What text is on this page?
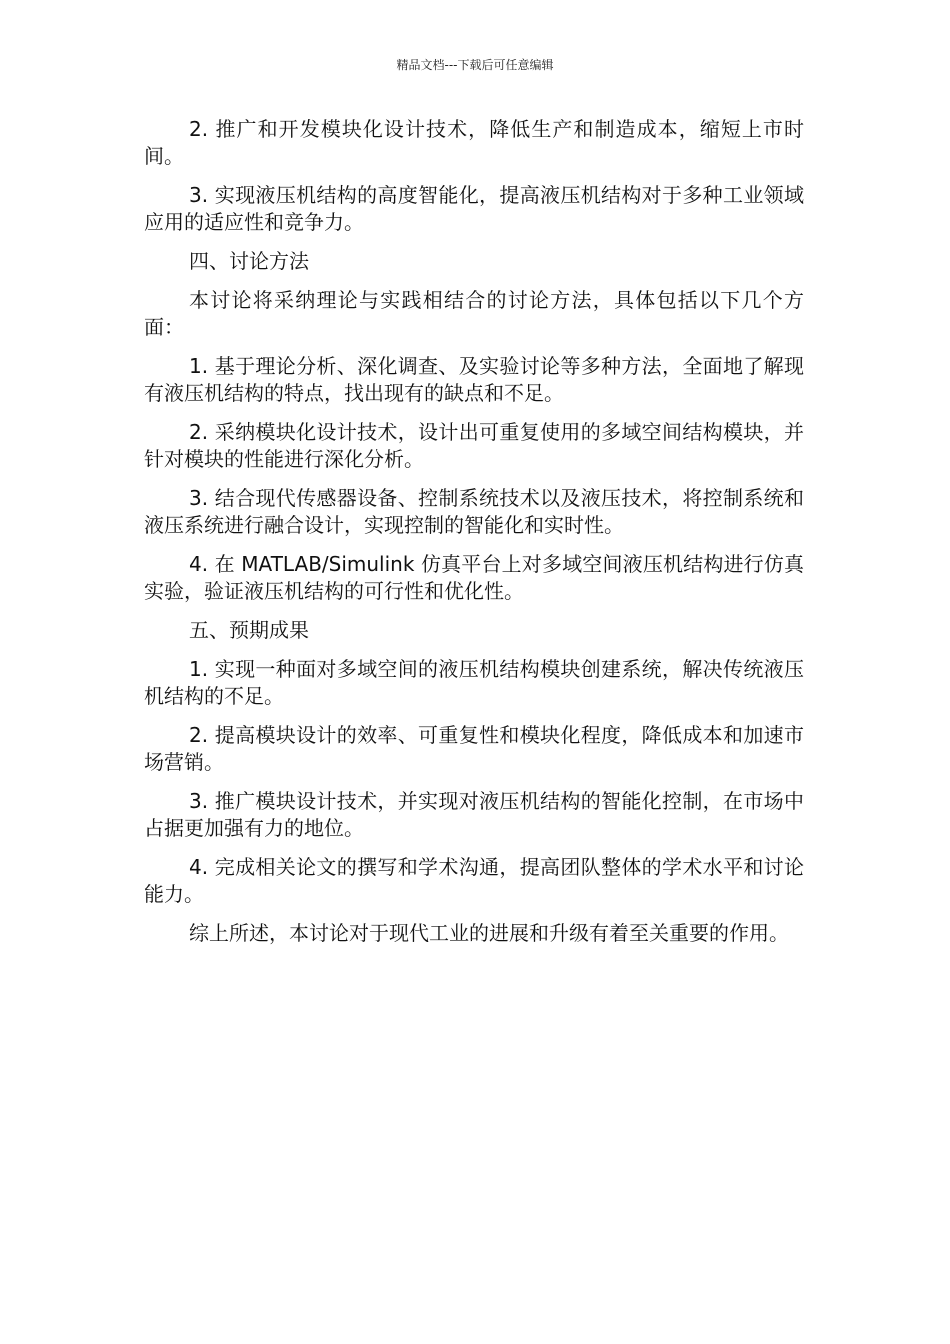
精品文档---下载后可任意编辑

2. 推广和开发模块化设计技术，降低生产和制造成本，缩短上市时间。

3. 实现液压机结构的高度智能化，提高液压机结构对于多种工业领域应用的适应性和竞争力。

四、讨论方法

本讨论将采纳理论与实践相结合的讨论方法，具体包括以下几个方面：

1. 基于理论分析、深化调查、及实验讨论等多种方法，全面地了解现有液压机结构的特点，找出现有的缺点和不足。

2. 采纳模块化设计技术，设计出可重复使用的多域空间结构模块，并针对模块的性能进行深化分析。

3. 结合现代传感器设备、控制系统技术以及液压技术，将控制系统和液压系统进行融合设计，实现控制的智能化和实时性。

4. 在 MATLAB/Simulink 仿真平台上对多域空间液压机结构进行仿真实验，验证液压机结构的可行性和优化性。

五、预期成果

1. 实现一种面对多域空间的液压机结构模块创建系统，解决传统液压机结构的不足。

2. 提高模块设计的效率、可重复性和模块化程度，降低成本和加速市场营销。

3. 推广模块设计技术，并实现对液压机结构的智能化控制，在市场中占据更加强有力的地位。

4. 完成相关论文的撰写和学术沟通，提高团队整体的学术水平和讨论能力。

综上所述，本讨论对于现代工业的进展和升级有着至关重要的作用。
